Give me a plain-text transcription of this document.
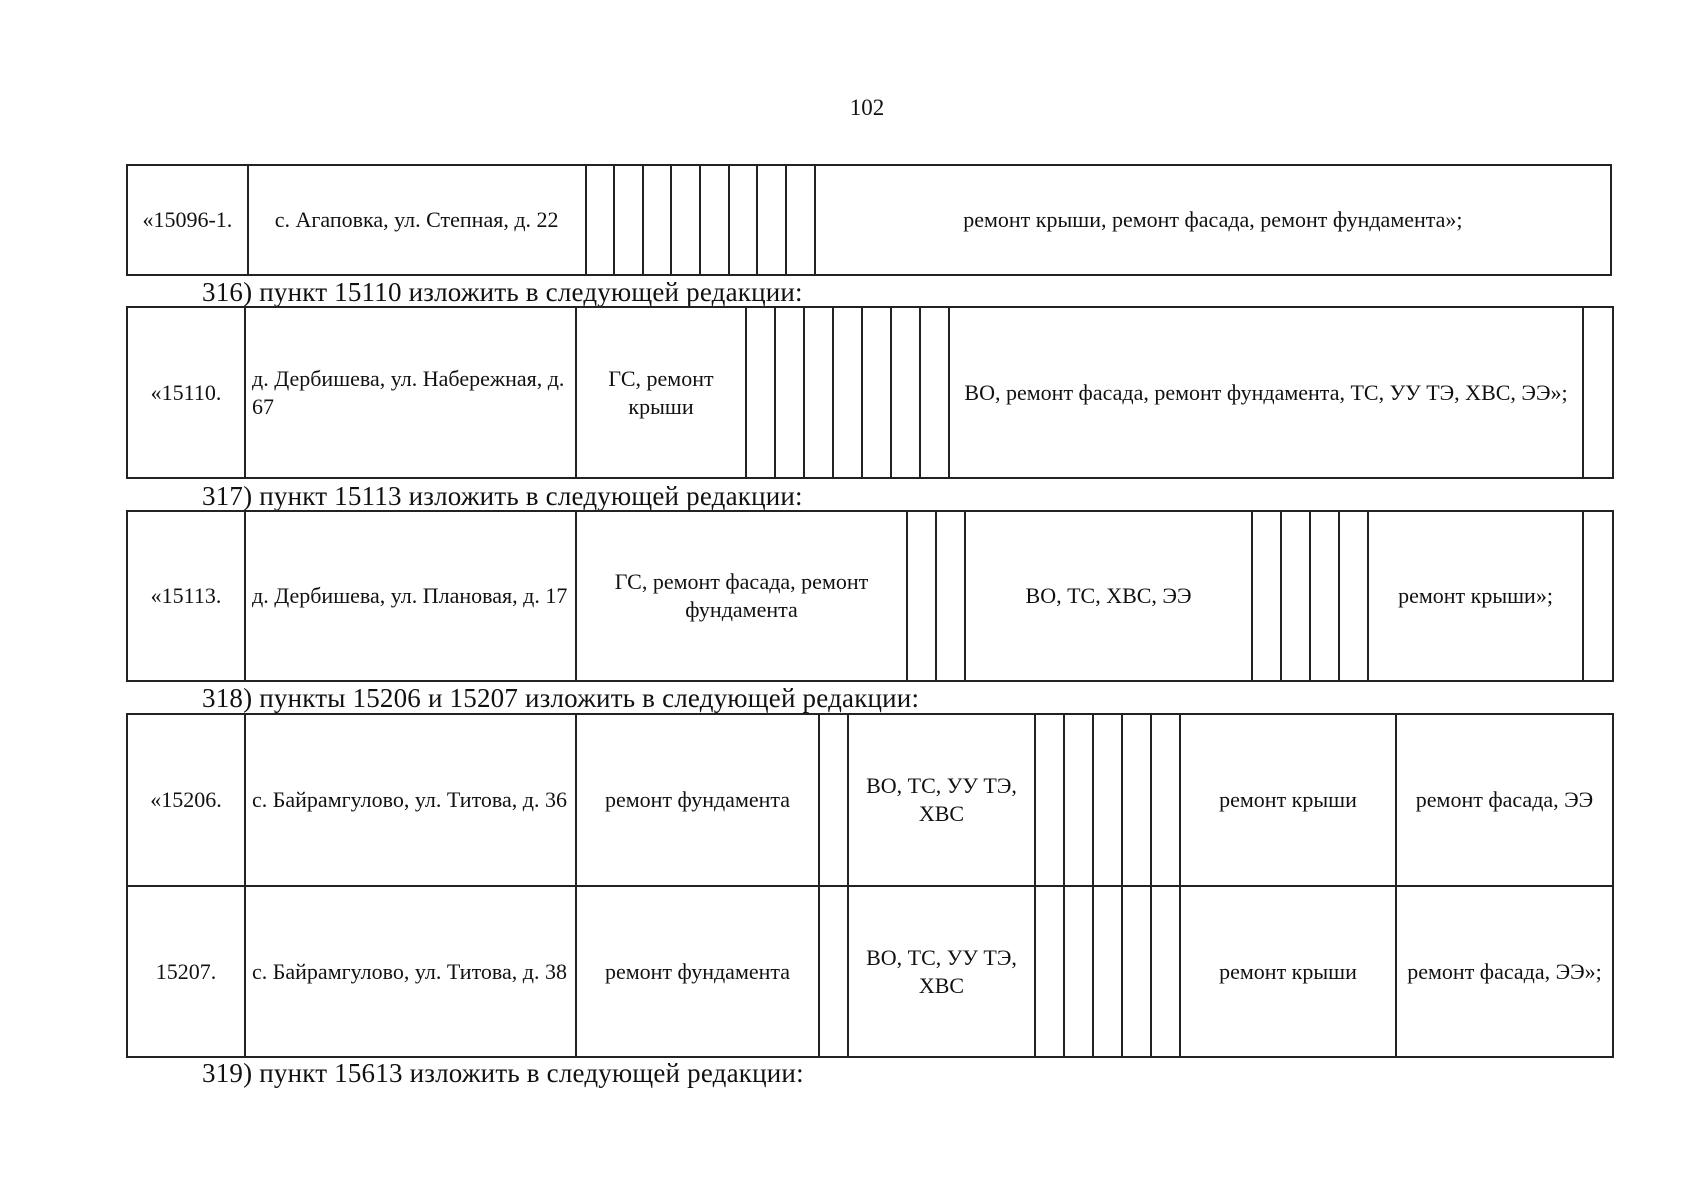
102
«15096-1.	с. Агаповка, ул. Степная, д. 22									ремонт крыши, ремонт фасада, ремонт фундамента»;
316) пункт 15110 изложить в следующей редакции:
«15110.	д. Дербишева, ул. Набережная, д. 67	ГС, ремонт крыши								ВО, ремонт фасада, ремонт фундамента, ТС, УУ ТЭ, ХВС, ЭЭ»;	
317) пункт 15113 изложить в следующей редакции:
«15113.	д. Дербишева, ул. Плановая, д. 17	ГС, ремонт фасада, ремонт фундамента			ВО, ТС, ХВС, ЭЭ					ремонт крыши»;	
318) пункты 15206 и 15207 изложить в следующей редакции:
«15206.	с. Байрамгулово, ул. Титова, д. 36	ремонт фундамента		ВО, ТС, УУ ТЭ, ХВС						ремонт крыши	ремонт фасада, ЭЭ
15207.	с. Байрамгулово, ул. Титова, д. 38	ремонт фундамента		ВО, ТС, УУ ТЭ, ХВС						ремонт крыши	ремонт фасада, ЭЭ»;
319) пункт 15613 изложить в следующей редакции:
